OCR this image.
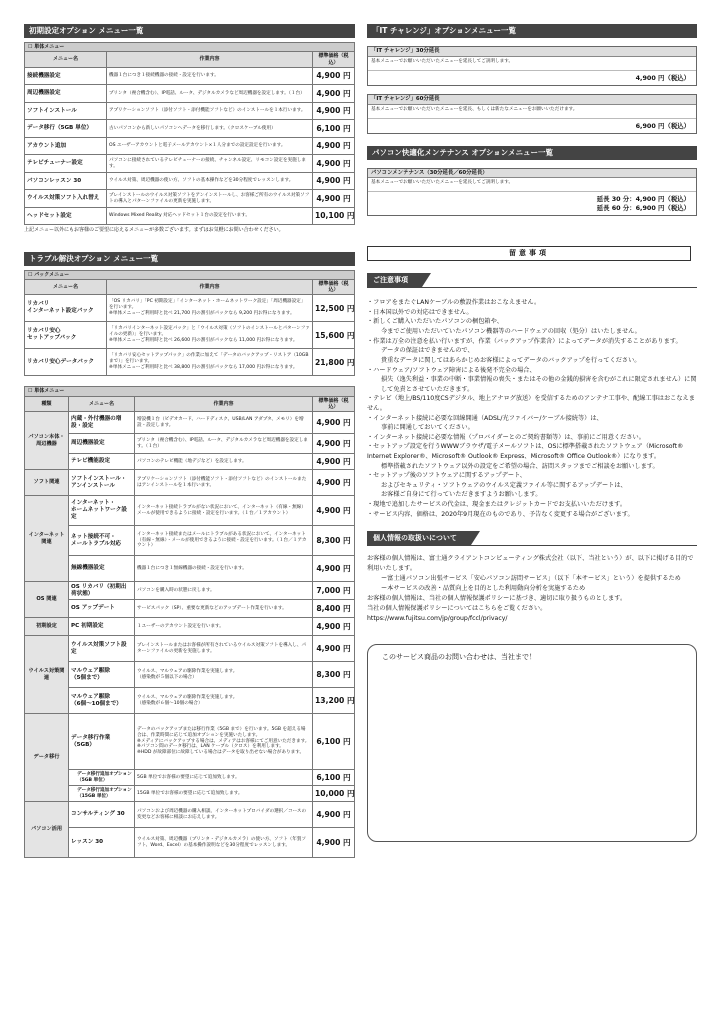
初期設定オプション メニュー一覧
☐ 単体メニュー		
メニュー名	作業内容	標準価格（税込）
接続機器設定	機器１台につき１接続機器の接続・設定を行います。	4,900 円
周辺機器設定	プリンタ（複合機含む）、IP電話、ルータ、デジタルカメラなど周辺機器を設定します。（１台）	4,900 円
ソフトインストール	アプリケーションソフト（添付ソフト・添付機能ソフトなど）のインストールを１本行います。	4,900 円
データ移行（5GB 単位）	古いパソコンから新しいパソコンへデータを移行します。（クロスケーブル使用）	6,100 円
アカウント追加	OS ユーザーアカウントと電子メールアカウント×１人分までの設定設定を行います。	4,900 円
テレビチューナー設定	パソコンに接続されているテレビチューナーの接続、チャンネル設定、リモコン設定を実施します。	4,900 円
パソコンレッスン 30	ウイルス対策、周辺機器の使い方、ソフトの基本操作などを30分程度でレッスンします。	4,900 円
ウイルス対策ソフト入れ替え	プレインストールのウイルス対策ソフトをアンインストールし、お客様ご所有のウイルス対策ソフトの導入とパターンファイルの更新を実施します。	4,900 円
ヘッドセット設定	Windows Mixed Reality 対応ヘッドセット１台の設定を行います。	10,100 円
上記メニュー以外にもお客様のご要望に応えるメニューが多数ございます。まずはお気軽にお問い合わせください。
トラブル解決オプション メニュー一覧
☐ パックメニュー		
メニュー名	作業内容	標準価格（税込）
リカバリ
インターネット設定パック	「OS リカバリ」「PC 初期設定」「インターネット・ホームネットワーク設定」「周辺機器設定」を行います。
※単体メニューご利用時と比べ 21,700 円の割引がパックなら 9,200 円お得になります。	12,500 円
リカバリ安心
セットアップパック	「リカバリインターネット設定パック」と「ウイルス対策（ソフトのインストールとパターンファイルの更新）」を行います。
※単体メニューご利用時と比べ 26,600 円の割引がパックなら 11,000 円お得になります。	15,600 円
リカバリ安心データパック	「リカバリ安心セットアップパック」の作業に加えて「データのバックアップ・リストア（10GB まで）」を行います。
※単体メニューご利用時と比べ 38,800 円の割引がパックなら 17,000 円お得になります。	21,800 円
☐ 単体メニュー			
種類	メニュー名	作業内容	標準価格（税込）
パソコン本体・周辺機器	内蔵・外付機器の増設・設定	増設機１台（ビデオカード、ハードディスク、USB/LAN アダプタ、メモリ）を増設・設定します。	4,900 円
	周辺機器設定	プリンタ（複合機含む）、IP電話、ルータ、デジタルカメラなど周辺機器を設定します。（１台）	4,900 円
	テレビ機能設定	パソコンのテレビ機能（地デジなど）を設定します。	4,900 円
ソフト関連	ソフトインストール・
アンインストール	アプリケーションソフト（添付機能ソフト・添付ソフトなど）のインストールまたはアンインストールを１本行います。	4,900 円
インターネット関連	インターネット・
ホームネットワーク設定	インターネット接続トラブルがない状況において、インターネット（有線・無線）メールが使用できるように接続・設定を行います。（１台／１アカウント）	4,900 円
	ネット接続不可・
メールトラブル対応	インターネット接続またはメールにトラブルがある状況において、インターネット（有線・無線）・メールが使用できるように接続・設定を行います。（１台／１アカウント）	8,300 円
	無線機器設定	機器１台につき１無線機器の接続・設定を行います。	4,900 円
OS 関連	OS リカバリ（初期出荷状態）	パソコンを購入時の状態に戻します。	7,000 円
	OS アップデート	サービスパック（SP）、重要な更新などのアップデート作業を行います。	8,400 円
初期設定	PC 初期設定	１ユーザーのアカウント設定を行います。	4,900 円
ウイルス対策関連	ウイルス対策ソフト設定	プレインストールまたはお客様が所有されているウイルス対策ソフトを導入し、パターンファイルの更新を実施します。	4,900 円
	マルウェア駆除
（5個まで）	ウイルス、マルウェアの駆除作業を実施します。
（感染数が５個以下の場合）	8,300 円
	マルウェア駆除
（6個～10個まで）	ウイルス、マルウェアの駆除作業を実施します。
（感染数が６個～10個の場合）	13,200 円
データ移行	データ移行作業
（5GB）	データのバックアップまたは移行作業（5GB まで）を行います。5GB を超える場合は、作業時間に応じて追加オプションを実施いたします。
※メディアにバックアップする場合は、メディアはお客様にてご用意いただきます。
※パソコン間のデータ移行は、LAN ケーブル（クロス）を利用します。
※HDD が故障部位に故障している場合はデータを取り出せない場合があります。	6,100 円
	データ移行追加オプション
（5GB 単位）	5GB 単位でお客様の要望に応じて追加致します。	6,100 円
	データ移行追加オプション
（15GB 単位）	15GB 単位でお客様の要望に応じて追加致します。	10,000 円
パソコン活用	コンサルティング 30	パソコンおよび周辺機器の購入相談、インターネットプロバイダの選択／コースの変更などお客様に相談にお応えします。	4,900 円
	レッスン 30	ウイルス対策、周辺機器（プリンタ・デジタルカメラ）の使い方、ソフト（年賀ソフト、Word、Excel）の基本操作説明などを30分程度でレッスンします。	4,900 円
「IT チャレンジ」オプションメニュー一覧
「IT チャレンジ」30分延長
基本メニューでお願いいただいたメニューを延長してご説明します。
4,900 円（税込）
「IT チャレンジ」60分延長
基本メニューでお願いいただいたメニューを延長、もしくは新たなメニューをお願いいただけます。
6,900 円（税込）
パソコン快適化メンテナンス オプションメニュー一覧
パソコンメンテナンス（30分延長／60分延長）
基本メニューでお願いいただいたメニューを延長してご説明します。
延長 30 分：4,900 円（税込）
延長 60 分：6,900 円（税込）
留意事項
ご注意事項

・フロアをまたぐLANケーブルの敷設作業はおこなえません。

・日本国以外での対応はできません。

・新しくご購入いただいたパソコンの梱包箱や、

今までご使用いただいていたパソコン機器等のハードウェアの回収（処分）はいたしません。

・作業は万全の注意を払い行いますが、作業（バックアップ作業含）によってデータが消失することがあります。

データの保証はできませんので、

貴重なデータに関してはあらかじめお客様によってデータのバックアップを行ってください。

・ハードウェア/ソフトウェア障害による後発不完全の場合、

損失（逸失利益・事業の中断・事業情報の喪失・またはその他の金銭的損害を含むがこれに限定されません）に関して免責とさせていただきます。

・テレビ（地上/BS/110度CSデジタル、地上アナログ放送）を受信するためのアンテナ工事や、配線工事はおこなえません。

・インターネット接続に必要な回線開通（ADSL/光ファイバー/ケーブル接続等）は、

事前に開通しておいてください。

・インターネット接続に必要な情報（プロバイダーとのご契約書類等）は、事前にご用意ください。

・セットアップ設定を行うWWWブラウザ/電子メールソフトは、OSに標準搭載されたソフトウェア（Microsoft® Internet Explorer®、Microsoft® Outlook® Express、Microsoft® Office Outlook®）になります。

標準搭載されたソフトウェア以外の設定をご希望の場合、訪問スタッフまでご相談をお願いします。

・セットアップ後のソフトウェアに関するアップデート、

およびセキュリティ・ソフトウェアのウイルス定義ファイル等に関するアップデートは、

お客様ご自身にて行っていただきますようお願いします。

・現地で追加したサービスの代金は、現金またはクレジットカードでお支払いいただけます。

・サービス内容、価格は、2020年9月現在のものであり、予告なく変更する場合がございます。

個人情報の取扱いについて

お客様の個人情報は、富士通クライアントコンピューティング株式会社（以下、当社という）が、以下に掲げる目的で利用いたします。

ー富士通パソコン出張サービス「安心パソコン訪問サービス」（以下「本サービス」という）を提供するため

ー本サービスの改善・品質向上を目的とした利用動向分析を実施するため

お客様の個人情報は、当社の個人情報保護ポリシーに基づき、適切に取り扱うものとします。

当社の個人情報保護ポリシーについてはこちらをご覧ください。

https://www.fujitsu.com/jp/group/fccl/privacy/

このサービス商品のお問い合わせは、当社まで！
